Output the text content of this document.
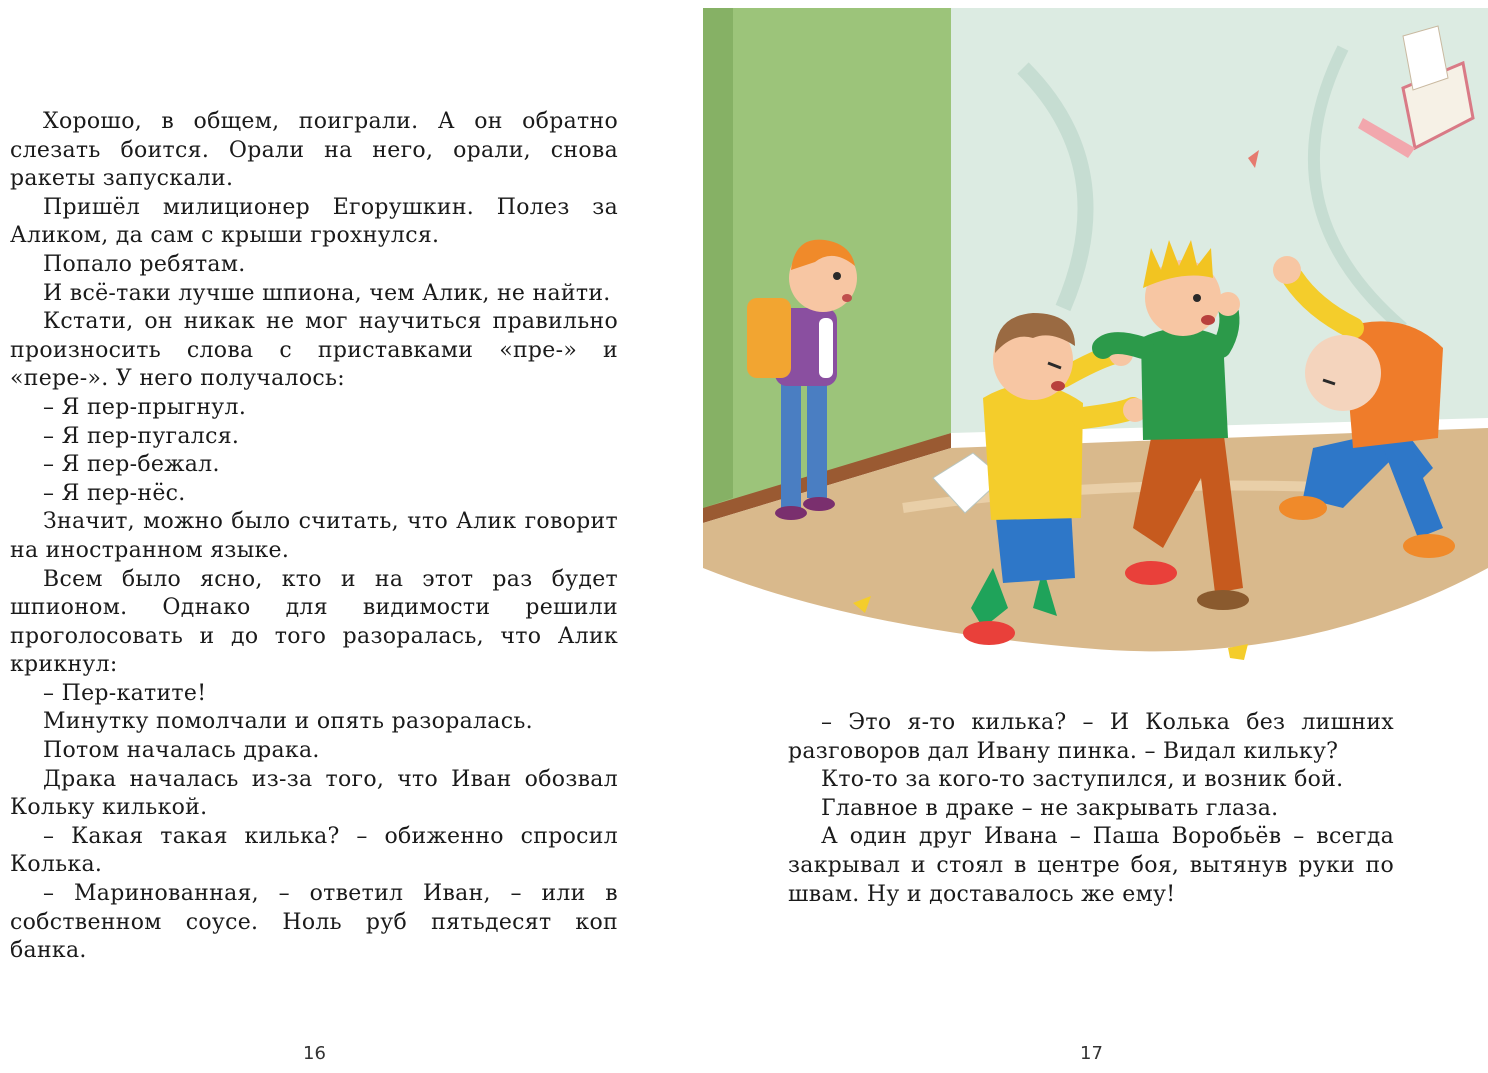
Хорошо, в общем, поиграли. А он обратно слезать боится. Орали на него, орали, снова ракеты запускали.

Пришёл милиционер Егорушкин. Полез за Аликом, да сам с крыши грохнулся.

Попало ребятам.

И всё-таки лучше шпиона, чем Алик, не найти.

Кстати, он никак не мог научиться правильно произносить слова с приставками «пре-» и «пере-». У него получалось:

– Я пер-прыгнул.

– Я пер-пугался.

– Я пер-бежал.

– Я пер-нёс.

Значит, можно было считать, что Алик говорит на иностранном языке.

Всем было ясно, кто и на этот раз будет шпионом. Однако для видимости решили проголосовать и до того разоралась, что Алик крикнул:

– Пер-катите!

Минутку помолчали и опять разоралась.

Потом началась драка.

Драка началась из-за того, что Иван обозвал Кольку килькой.

– Какая такая килька? – обиженно спросил Колька.

– Маринованная, – ответил Иван, – или в собственном соусе. Ноль руб пятьдесят коп банка.

16

– Это я-то килька? – И Колька без лишних разговоров дал Ивану пинка. – Видал кильку?

Кто-то за кого-то заступился, и возник бой.

Главное в драке – не закрывать глаза.

А один друг Ивана – Паша Воробьёв – всегда закрывал и стоял в центре боя, вытянув руки по швам. Ну и доставалось же ему!

17
